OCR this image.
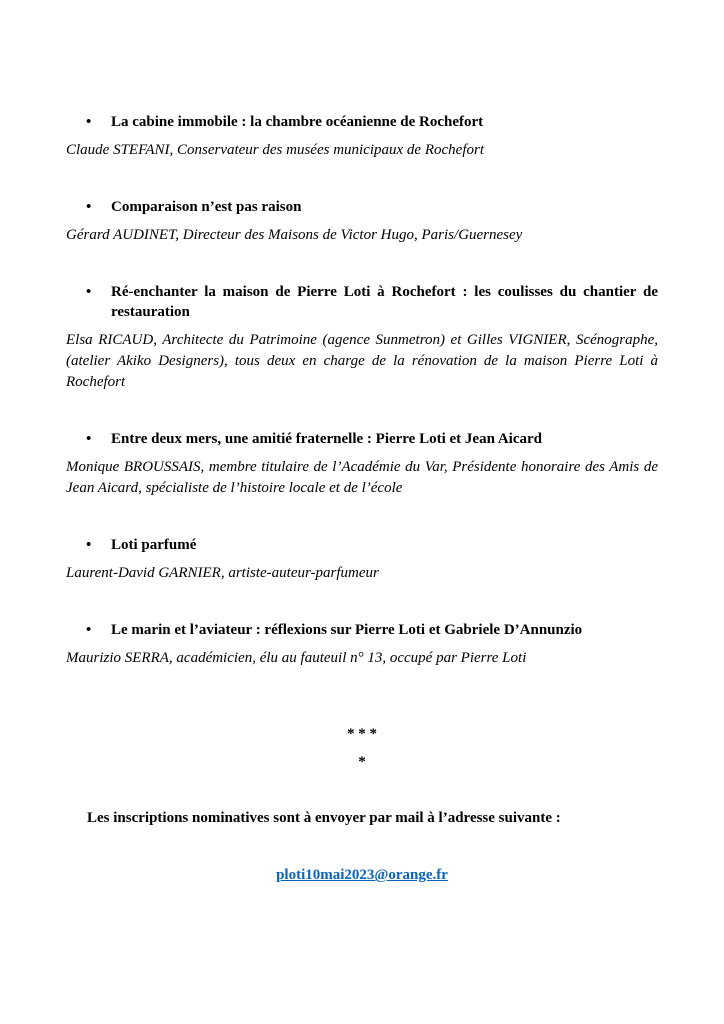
•	La cabine immobile : la chambre océanienne de Rochefort

Claude STEFANI, Conservateur des musées municipaux de Rochefort

•	Comparaison n’est pas raison

Gérard AUDINET, Directeur des Maisons de Victor Hugo, Paris/Guernesey

•	Ré-enchanter la maison de Pierre Loti à Rochefort : les coulisses du chantier de restauration

Elsa RICAUD, Architecte du Patrimoine (agence Sunmetron) et Gilles VIGNIER, Scénographe, (atelier Akiko Designers), tous deux en charge de la rénovation de la maison Pierre Loti à Rochefort

•	Entre deux mers, une amitié fraternelle : Pierre Loti et Jean Aicard

Monique BROUSSAIS, membre titulaire de l’Académie du Var, Présidente honoraire des Amis de Jean Aicard, spécialiste de l’histoire locale et de l’école

•	Loti parfumé

Laurent-David GARNIER, artiste-auteur-parfumeur

•	Le marin et l’aviateur : réflexions sur Pierre Loti et Gabriele D’Annunzio

Maurizio SERRA, académicien, élu au fauteuil n° 13, occupé par Pierre Loti

* * *
*
Les inscriptions nominatives sont à envoyer par mail à l’adresse suivante :
ploti10mai2023@orange.fr
